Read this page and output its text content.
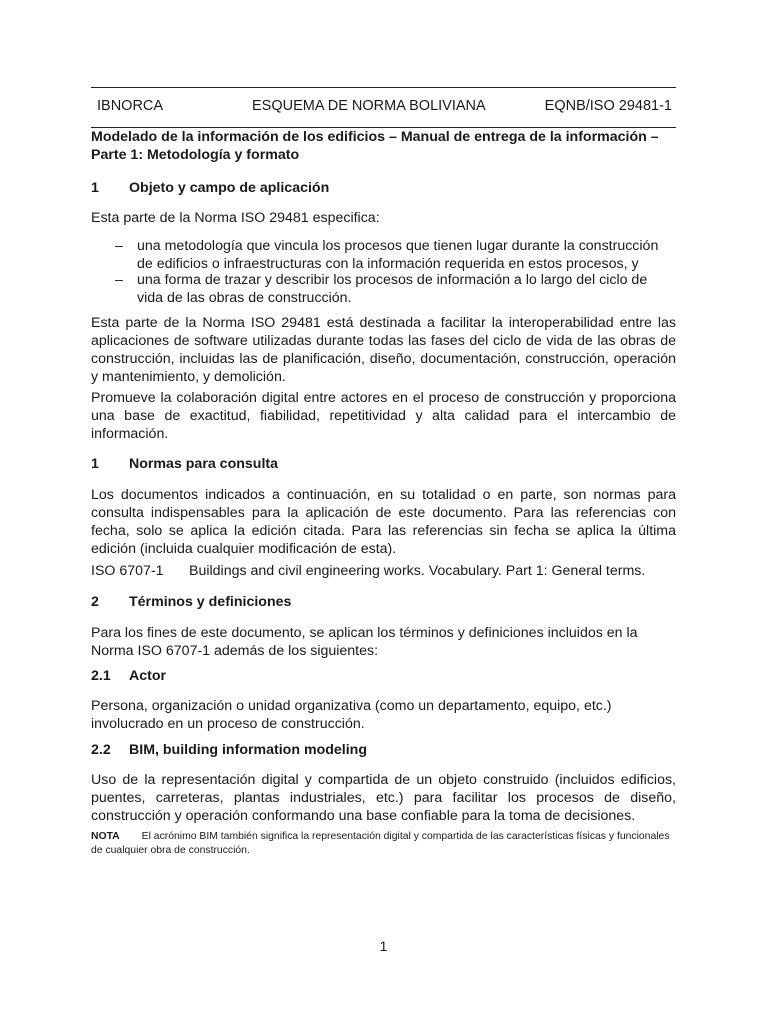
IBNORCA	ESQUEMA DE NORMA BOLIVIANA	EQNB/ISO 29481-1
Modelado de la información de los edificios – Manual de entrega de la información –
Parte 1: Metodología y formato
1	Objeto y campo de aplicación
Esta parte de la Norma ISO 29481 especifica:
– una metodología que vincula los procesos que tienen lugar durante la construcción de edificios o infraestructuras con la información requerida en estos procesos, y
– una forma de trazar y describir los procesos de información a lo largo del ciclo de vida de las obras de construcción.
Esta parte de la Norma ISO 29481 está destinada a facilitar la interoperabilidad entre las aplicaciones de software utilizadas durante todas las fases del ciclo de vida de las obras de construcción, incluidas las de planificación, diseño, documentación, construcción, operación y mantenimiento, y demolición.
Promueve la colaboración digital entre actores en el proceso de construcción y proporciona una base de exactitud, fiabilidad, repetitividad y alta calidad para el intercambio de información.
1	Normas para consulta
Los documentos indicados a continuación, en su totalidad o en parte, son normas para consulta indispensables para la aplicación de este documento. Para las referencias con fecha, solo se aplica la edición citada. Para las referencias sin fecha se aplica la última edición (incluida cualquier modificación de esta).
ISO 6707-1	Buildings and civil engineering works. Vocabulary. Part 1: General terms.
2	Términos y definiciones
Para los fines de este documento, se aplican los términos y definiciones incluidos en la Norma ISO 6707-1 además de los siguientes:
2.1	Actor
Persona, organización o unidad organizativa (como un departamento, equipo, etc.) involucrado en un proceso de construcción.
2.2	BIM, building information modeling
Uso de la representación digital y compartida de un objeto construido (incluidos edificios, puentes, carreteras, plantas industriales, etc.) para facilitar los procesos de diseño, construcción y operación conformando una base confiable para la toma de decisiones.
NOTA El acrónimo BIM también significa la representación digital y compartida de las características físicas y funcionales de cualquier obra de construcción.
1
